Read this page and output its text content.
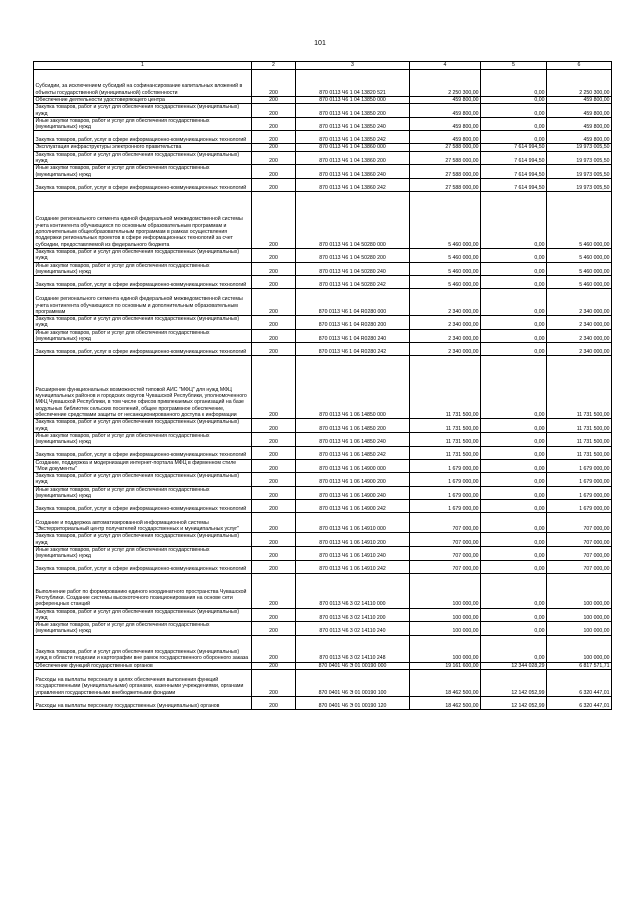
101
1	2	3	4	5	6
Субсидии, за исключением субсидий на софинансирование капитальных вложений в объекты государственной (муниципальной) собственности	200	870 0113 Ч6 1 04 13820 521	2 250 300,00	0,00	2 250 300,00
Обеспечение деятельности удостоверяющего центра	200	870 0113 Ч6 1 04 13850 000	459 800,00	0,00	459 800,00
Закупка товаров, работ и услуг для обеспечения государственных (муниципальных) нужд	200	870 0113 Ч6 1 04 13850 200	459 800,00	0,00	459 800,00
Иные закупки товаров, работ и услуг для обеспечения государственных (муниципальных) нужд	200	870 0113 Ч6 1 04 13850 240	459 800,00	0,00	459 800,00
Закупка товаров, работ, услуг в сфере информационно-коммуникационных технологий	200	870 0113 Ч6 1 04 13850 242	459 800,00	0,00	459 800,00
Эксплуатация инфраструктуры электронного правительства	200	870 0113 Ч6 1 04 13860 000	27 588 000,00	7 614 994,50	19 973 005,50
Закупка товаров, работ и услуг для обеспечения государственных (муниципальных) нужд	200	870 0113 Ч6 1 04 13860 200	27 588 000,00	7 614 994,50	19 973 005,50
Иные закупки товаров, работ и услуг для обеспечения государственных (муниципальных) нужд	200	870 0113 Ч6 1 04 13860 240	27 588 000,00	7 614 994,50	19 973 005,50
Закупка товаров, работ, услуг в сфере информационно-коммуникационных технологий	200	870 0113 Ч6 1 04 13860 242	27 588 000,00	7 614 994,50	19 973 005,50
Создание регионального сегмента единой федеральной межведомственной системы учета контингента обучающихся по основным образовательным программам и дополнительным общеобразовательным программам в рамках осуществления поддержки региональных проектов в сфере информационных технологий за счет субсидии, предоставляемой из федерального бюджета	200	870 0113 Ч6 1 04 50280 000	5 460 000,00	0,00	5 460 000,00
Закупка товаров, работ и услуг для обеспечения государственных (муниципальных) нужд	200	870 0113 Ч6 1 04 50280 200	5 460 000,00	0,00	5 460 000,00
Иные закупки товаров, работ и услуг для обеспечения государственных (муниципальных) нужд	200	870 0113 Ч6 1 04 50280 240	5 460 000,00	0,00	5 460 000,00
Закупка товаров, работ, услуг в сфере информационно-коммуникационных технологий	200	870 0113 Ч6 1 04 50280 242	5 460 000,00	0,00	5 460 000,00
Создание регионального сегмента единой федеральной межведомственной системы учета контингента обучающихся по основным и дополнительным образовательным программам	200	870 0113 Ч6 1 04 R0280 000	2 340 000,00	0,00	2 340 000,00
Закупка товаров, работ и услуг для обеспечения государственных (муниципальных) нужд	200	870 0113 Ч6 1 04 R0280 200	2 340 000,00	0,00	2 340 000,00
Иные закупки товаров, работ и услуг для обеспечения государственных (муниципальных) нужд	200	870 0113 Ч6 1 04 R0280 240	2 340 000,00	0,00	2 340 000,00
Закупка товаров, работ, услуг в сфере информационно-коммуникационных технологий	200	870 0113 Ч6 1 04 R0280 242	2 340 000,00	0,00	2 340 000,00
Расширение функциональных возможностей типовой АИС "МФЦ" для нужд МФЦ муниципальных районов и городских округов Чувашской Республики, уполномоченного МФЦ Чувашской Республики, в том числе офисов привлекаемых организаций на базе модульных библиотек сельских поселений, общее программное обеспечение, обеспечение средствами защиты от несанкционированного доступа к информации	200	870 0113 Ч6 1 06 14850 000	11 731 500,00	0,00	11 731 500,00
Закупка товаров, работ и услуг для обеспечения государственных (муниципальных) нужд	200	870 0113 Ч6 1 06 14850 200	11 731 500,00	0,00	11 731 500,00
Иные закупки товаров, работ и услуг для обеспечения государственных (муниципальных) нужд	200	870 0113 Ч6 1 06 14850 240	11 731 500,00	0,00	11 731 500,00
Закупка товаров, работ, услуг в сфере информационно-коммуникационных технологий	200	870 0113 Ч6 1 06 14850 242	11 731 500,00	0,00	11 731 500,00
Создание, поддержка и модернизация интернет-портала МФЦ в фирменном стиле "Мои документы"	200	870 0113 Ч6 1 06 14900 000	1 679 000,00	0,00	1 679 000,00
Закупка товаров, работ и услуг для обеспечения государственных (муниципальных) нужд	200	870 0113 Ч6 1 06 14900 200	1 679 000,00	0,00	1 679 000,00
Иные закупки товаров, работ и услуг для обеспечения государственных (муниципальных) нужд	200	870 0113 Ч6 1 06 14900 240	1 679 000,00	0,00	1 679 000,00
Закупка товаров, работ, услуг в сфере информационно-коммуникационных технологий	200	870 0113 Ч6 1 06 14900 242	1 679 000,00	0,00	1 679 000,00
Создание и поддержка автоматизированной информационной системы "Экстерриториальный центр получателей государственных и муниципальных услуг"	200	870 0113 Ч6 1 06 14910 000	707 000,00	0,00	707 000,00
Закупка товаров, работ и услуг для обеспечения государственных (муниципальных) нужд	200	870 0113 Ч6 1 06 14910 200	707 000,00	0,00	707 000,00
Иные закупки товаров, работ и услуг для обеспечения государственных (муниципальных) нужд	200	870 0113 Ч6 1 06 14910 240	707 000,00	0,00	707 000,00
Закупка товаров, работ, услуг в сфере информационно-коммуникационных технологий	200	870 0113 Ч6 1 06 14910 242	707 000,00	0,00	707 000,00
Выполнение работ по формированию единого координатного пространства Чувашской Республики. Создание системы высокоточного позиционирования на основе сети референцных станций	200	870 0113 Ч6 3 02 14110 000	100 000,00	0,00	100 000,00
Закупка товаров, работ и услуг для обеспечения государственных (муниципальных) нужд	200	870 0113 Ч6 3 02 14110 200	100 000,00	0,00	100 000,00
Иные закупки товаров, работ и услуг для обеспечения государственных (муниципальных) нужд	200	870 0113 Ч6 3 02 14110 240	100 000,00	0,00	100 000,00
Закупка товаров, работ и услуг для обеспечения государственных (муниципальных) нужд в области геодезии и картографии вне рамок государственного оборонного заказа	200	870 0113 Ч6 3 02 14110 248	100 000,00	0,00	100 000,00
Обеспечение функций государственных органов	200	870 0401 Ч6 Э 01 00190 000	19 161 600,00	12 344 028,29	6 817 571,71
Расходы на выплаты персоналу в целях обеспечения выполнения функций государственными (муниципальными) органами, казенными учреждениями, органами управления государственными внебюджетными фондами	200	870 0401 Ч6 Э 01 00190 100	18 462 500,00	12 142 052,99	6 320 447,01
Расходы на выплаты персоналу государственных (муниципальных) органов	200	870 0401 Ч6 Э 01 00190 120	18 462 500,00	12 142 052,99	6 320 447,01
